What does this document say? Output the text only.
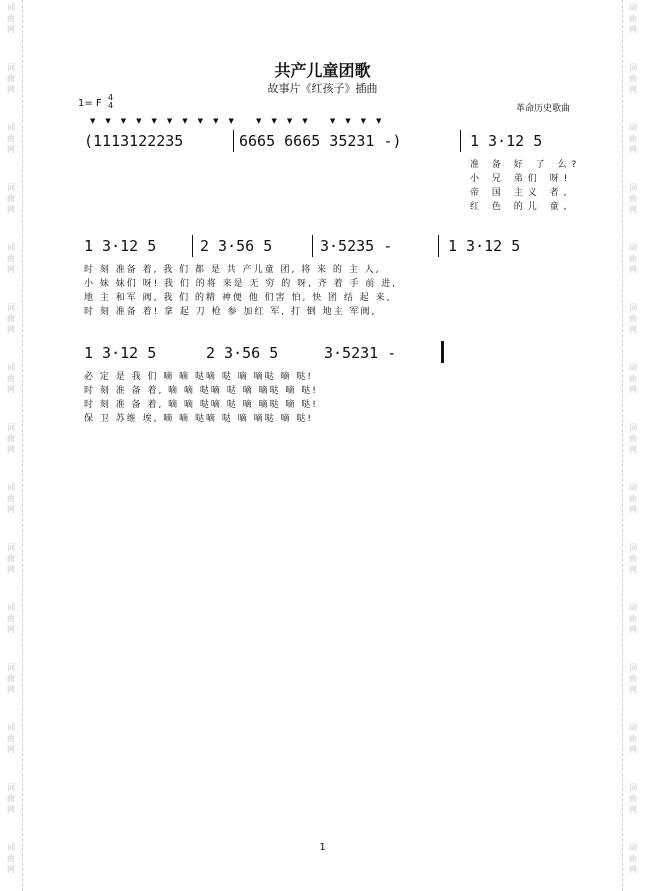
词
曲
网
词
曲
网
词
曲
网
词
曲
网
词
曲
网
词
曲
网
词
曲
网
词
曲
网
词
曲
网
词
曲
网
词
曲
网
词
曲
网
词
曲
网
词
曲
网
词
曲
网
词
曲
网
词
曲
网
词
曲
网
词
曲
网
词
曲
网
词
曲
网
词
曲
网
词
曲
网
词
曲
网
词
曲
网
词
曲
网
词
曲
网
词
曲
网
词
曲
网
词
曲
网
共产儿童团歌
故事片《红孩子》插曲
1= F
4
4	革命历史歌曲
▼▼▼▼▼▼▼▼▼▼ ▼▼▼▼ ▼▼▼▼
(1113122235	6665 6665 35231 -)	1 3·12 5
准 备 好 了 么?
小 兄 弟们 呀!
帝 国 主义 者,
红 色 的儿 童,
1 3·12 5	2 3·56 5	3·5235 -	1 3·12 5
时 刻 准备 着, 我 们 都 是 共 产儿童 团, 将 来 的 主 人,
小 妹 妹们 呀! 我 们 的将 来是 无 穷 的 呀, 齐 着 手 前 进,
地 主 和军 阀, 我 们 的精 神便 他 们害 怕, 快 团 结 起 来,
时 刻 准备 着! 拿 起 刀 枪 参 加红 军, 打 倒 地主 军阀,
1 3·12 5	2 3·56 5	3·5231 -
必 定 是 我 们 嘀 嘀 哒嘀 哒 嘀 嘀哒 嘀 哒!
时 刻 准 备 着, 嘀 嘀 哒嘀 哒 嘀 嘀哒 嘀 哒!
时 刻 准 备 着, 嘀 嘀 哒嘀 哒 嘀 嘀哒 嘀 哒!
保 卫 苏维 埃, 嘀 嘀 哒嘀 哒 嘀 嘀哒 嘀 哒!
1
